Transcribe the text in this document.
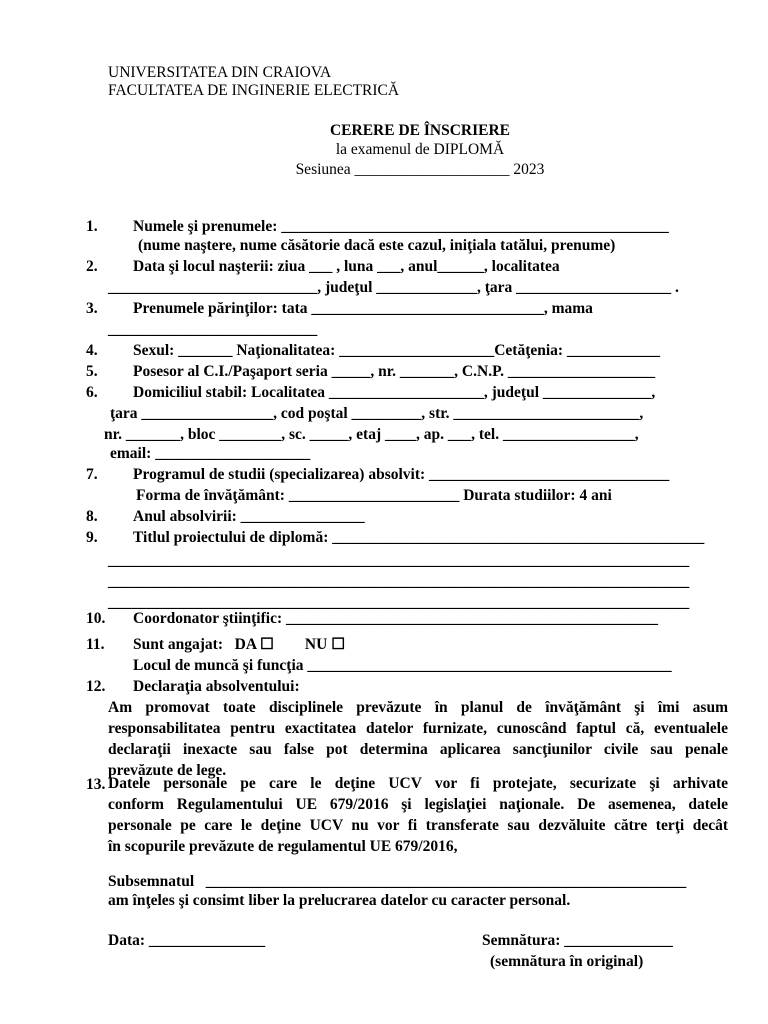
UNIVERSITATEA DIN CRAIOVA
FACULTATEA DE INGINERIE ELECTRICĂ
CERERE DE ÎNSCRIERE
la examenul de DIPLOMĂ
Sesiunea ____________________ 2023
1. Numele şi prenumele: __________________________________________________
(nume naştere, nume căsătorie dacă este cazul, iniţiala tatălui, prenume)
2. Data şi locul naşterii: ziua ___ , luna ___, anul______, localitatea
___________________________, judeţul _____________, ţara ____________________ .
3. Prenumele părinţilor: tata ______________________________, mama
___________________________
4. Sexul: _______ Naţionalitatea: ____________________Cetăţenia: ____________
5. Posesor al C.I./Paşaport seria _____, nr. _______, C.N.P. ___________________
6. Domiciliul stabil: Localitatea ____________________, judeţul ______________,
ţara _________________, cod poştal _________, str. ________________________,
nr. _______, bloc ________, sc. _____, etaj ____, ap. ___, tel. _________________,
email: ____________________
7. Programul de studii (specializarea) absolvit: _______________________________
Forma de învăţământ: ______________________ Durata studiilor: 4 ani
8. Anul absolvirii: ________________
9. Titlul proiectului de diplomă: ________________________________________________
___________________________________________________________________________
___________________________________________________________________________
___________________________________________________________________________
10. Coordonator ştiinţific: ________________________________________________
11. Sunt angajat:   DA ☐        NU ☐
Locul de muncă şi funcţia _______________________________________________
12. Declaraţia absolventului:
Am promovat toate disciplinele prevăzute în planul de învăţământ şi îmi asum
responsabilitatea pentru exactitatea datelor furnizate, cunoscând faptul că, eventualele
declaraţii inexacte sau false pot determina aplicarea sancţiunilor civile sau penale
prevăzute de lege.
13. Datele personale pe care le deţine UCV vor fi protejate, securizate şi arhivate
conform Regulamentului UE 679/2016 şi legislaţiei naţionale. De asemenea, datele
personale pe care le deţine UCV nu vor fi transferate sau dezvăluite către terţi decât
în scopurile prevăzute de regulamentul UE 679/2016,
Subsemnatul   ______________________________________________________________
am înţeles şi consimt liber la prelucrarea datelor cu caracter personal.
Data: _______________	Semnătura: ______________
(semnătura în original)
